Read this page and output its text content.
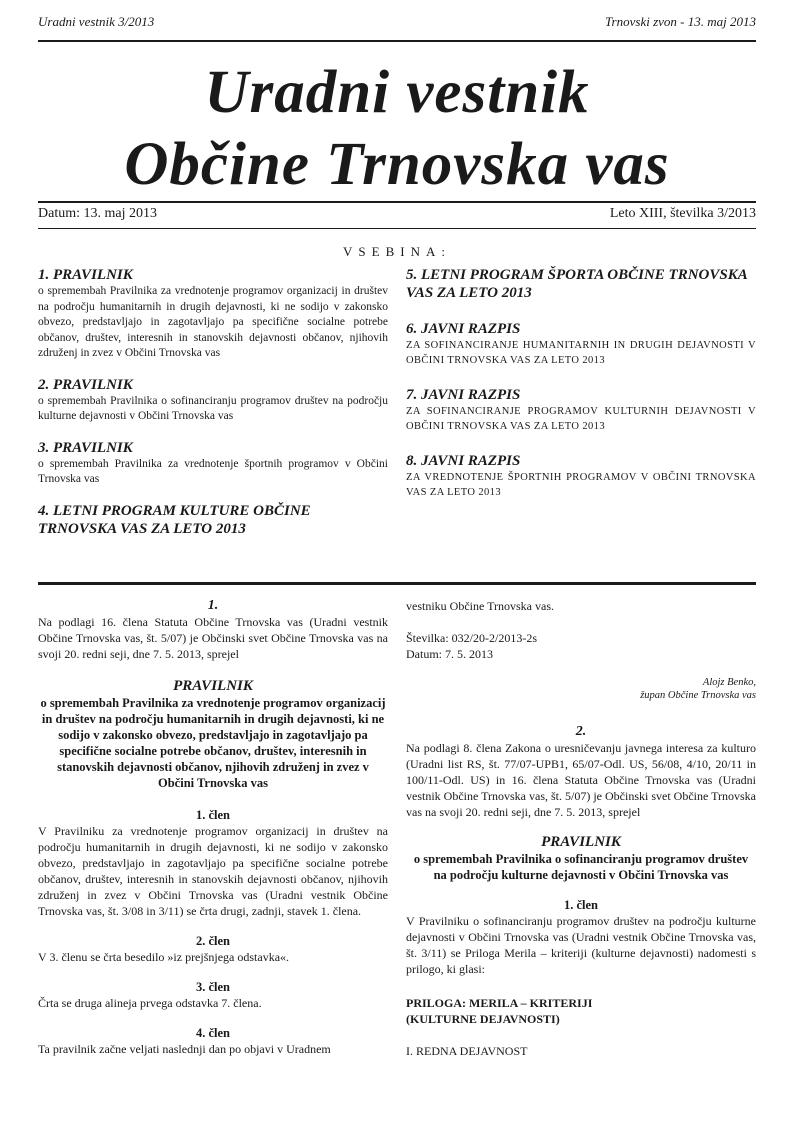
Uradni vestnik 3/2013	Trnovski zvon - 13. maj 2013
Uradni vestnik
Občine Trnovska vas
Datum: 13. maj 2013	Leto XIII, številka 3/2013
VSEBINA:
1. PRAVILNIK
o spremembah Pravilnika za vrednotenje programov organizacij in društev na področju humanitarnih in drugih dejavnosti, ki ne sodijo v zakonsko obvezo, predstavljajo in zagotavljajo pa specifične socialne potrebe občanov, društev, interesnih in stanovskih dejavnosti občanov, njihovih združenj in zvez v Občini Trnovska vas
2. PRAVILNIK
o spremembah Pravilnika o sofinanciranju programov društev na področju kulturne dejavnosti v Občini Trnovska vas
3. PRAVILNIK
o spremembah Pravilnika za vrednotenje športnih programov v Občini Trnovska vas
4. LETNI PROGRAM KULTURE OBČINE TRNOVSKA VAS ZA LETO 2013
5. LETNI PROGRAM ŠPORTA OBČINE TRNOVSKA VAS ZA LETO 2013
6. JAVNI RAZPIS
ZA SOFINANCIRANJE HUMANITARNIH IN DRUGIH DEJAVNOSTI V OBČINI TRNOVSKA VAS ZA LETO 2013
7. JAVNI RAZPIS
ZA SOFINANCIRANJE PROGRAMOV KULTURNIH DEJAVNOSTI V OBČINI TRNOVSKA VAS ZA LETO 2013
8. JAVNI RAZPIS
ZA VREDNOTENJE ŠPORTNIH PROGRAMOV V OBČINI TRNOVSKA VAS ZA LETO 2013
1.

Na podlagi 16. člena Statuta Občine Trnovska vas (Uradni vestnik Občine Trnovska vas, št. 5/07) je Občinski svet Občine Trnovska vas na svoji 20. redni seji, dne 7. 5. 2013, sprejel

PRAVILNIK
o spremembah Pravilnika za vrednotenje programov organizacij in društev na področju humanitarnih in drugih dejavnosti, ki ne sodijo v zakonsko obvezo, predstavljajo in zagotavljajo pa specifične socialne potrebe občanov, društev, interesnih in stanovskih dejavnosti občanov, njihovih združenj in zvez v Občini Trnovska vas
1. člen

V Pravilniku za vrednotenje programov organizacij in društev na področju humanitarnih in drugih dejavnosti, ki ne sodijo v zakonsko obvezo, predstavljajo in zagotavljajo pa specifične socialne potrebe občanov, društev, interesnih in stanovskih dejavnosti občanov, njihovih združenj in zvez v Občini Trnovska vas (Uradni vestnik Občine Trnovska vas, št. 3/08 in 3/11) se črta drugi, zadnji, stavek 1. člena.

2. člen

V 3. členu se črta besedilo »iz prejšnjega odstavka«.

3. člen

Črta se druga alineja prvega odstavka 7. člena.

4. člen

Ta pravilnik začne veljati naslednji dan po objavi v Uradnem

vestniku Občine Trnovska vas.

Številka: 032/20-2/2013-2s

Datum: 7. 5. 2013

Alojz Benko,
župan Občine Trnovska vas
2.

Na podlagi 8. člena Zakona o uresničevanju javnega interesa za kulturo (Uradni list RS, št. 77/07-UPB1, 65/07-Odl. US, 56/08, 4/10, 20/11 in 100/11-Odl. US) in 16. člena Statuta Občine Trnovska vas (Uradni vestnik Občine Trnovska vas, št. 5/07) je Občinski svet Občine Trnovska vas na svoji 20. redni seji, dne 7. 5. 2013, sprejel

PRAVILNIK
o spremembah Pravilnika o sofinanciranju programov društev na področju kulturne dejavnosti v Občini Trnovska vas
1. člen

V Pravilniku o sofinanciranju programov društev na področju kulturne dejavnosti v Občini Trnovska vas (Uradni vestnik Občine Trnovska vas, št. 3/11) se Priloga Merila – kriteriji (kulturne dejavnosti) nadomesti s prilogo, ki glasi:

PRILOGA: MERILA – KRITERIJI
(KULTURNE DEJAVNOSTI)
I. REDNA DEJAVNOST
